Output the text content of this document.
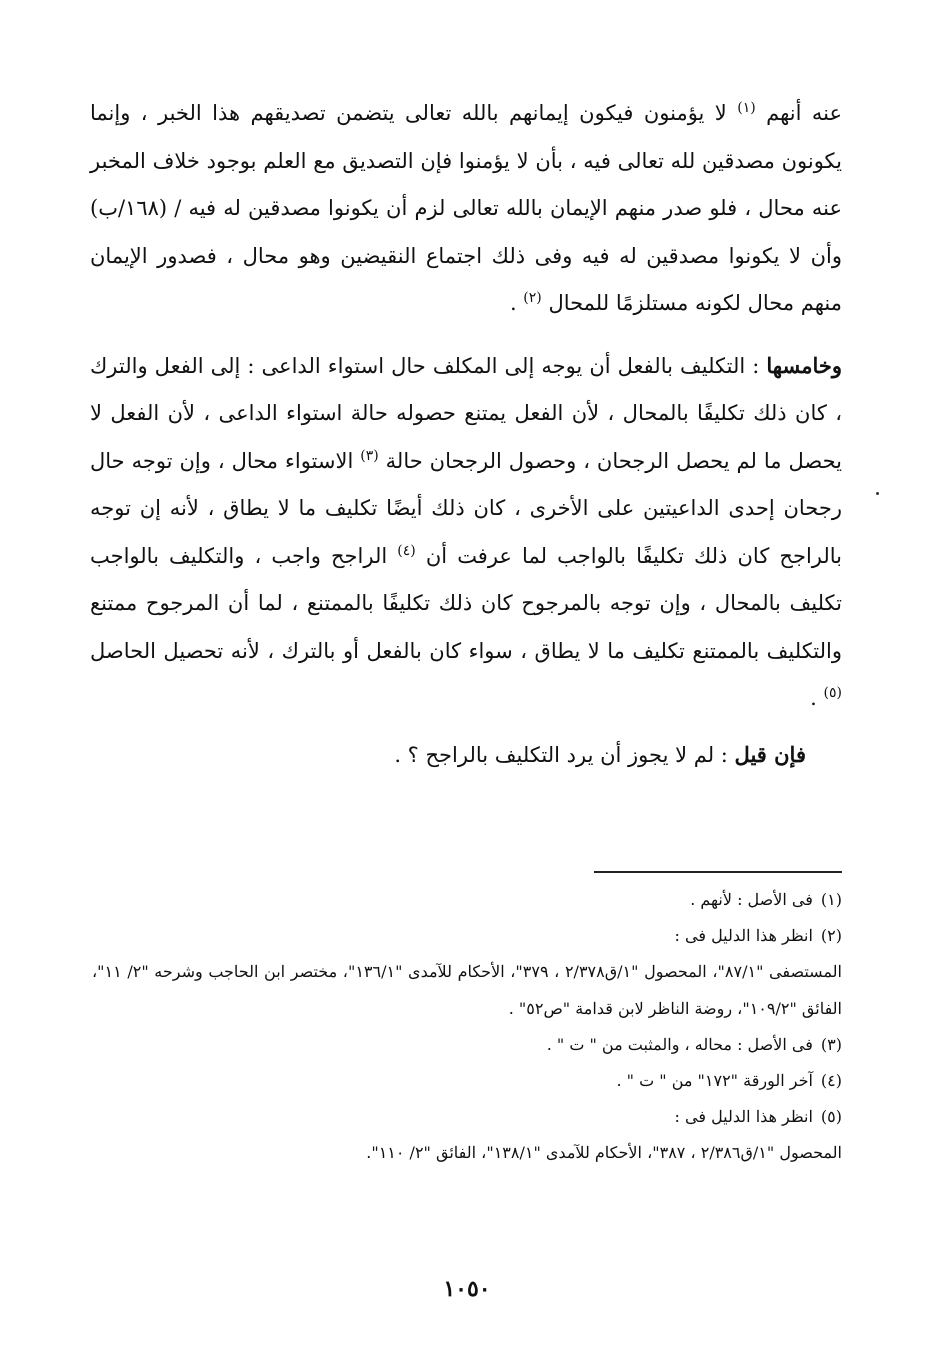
عنه أنهم $^{(١)}$ لا يؤمنون فيكون إيمانهم بالله تعالى يتضمن تصديقهم هذا الخبر ، وإنما يكونون مصدقين لله تعالى فيه ، بأن لا يؤمنوا فإن التصديق مع العلم بوجود خلاف المخبر عنه محال ، فلو صدر منهم الإيمان بالله تعالى لزم أن يكونوا مصدقين له فيه / (١٦٨/ب) وأن لا يكونوا مصدقين له فيه وفى ذلك اجتماع النقيضين وهو محال ، فصدور الإيمان منهم محال لكونه مستلزمًا للمحال $^{(٢)}$ .

وخامسها : التكليف بالفعل أن يوجه إلى المكلف حال استواء الداعى : إلى الفعل والترك ، كان ذلك تكليفًا بالمحال ، لأن الفعل يمتنع حصوله حالة استواء الداعى ، لأن الفعل لا يحصل ما لم يحصل الرجحان ، وحصول الرجحان حالة $^{(٣)}$ الاستواء محال ، وإن توجه حال رجحان إحدى الداعيتين على الأخرى ، كان ذلك أيضًا تكليف ما لا يطاق ، لأنه إن توجه بالراجح كان ذلك تكليفًا بالواجب لما عرفت أن $^{(٤)}$ الراجح واجب ، والتكليف بالواجب تكليف بالمحال ، وإن توجه بالمرجوح كان ذلك تكليفًا بالممتنع ، لما أن المرجوح ممتنع والتكليف بالممتنع تكليف ما لا يطاق ، سواء كان بالفعل أو بالترك ، لأنه تحصيل الحاصل $^{(٥)}$ .

فإن قيل : لم لا يجوز أن يرد التكليف بالراجح ؟ .

(١)فى الأصل : لأنهم .

(٢)انظر هذا الدليل فى :

المستصفى "٨٧/١"، المحصول "١/ق٢/٣٧٨ ، ٣٧٩"، الأحكام للآمدى "١٣٦/١"، مختصر ابن الحاجب وشرحه "٢/ ١١"، الفائق "١٠٩/٢"، روضة الناظر لابن قدامة "ص٥٢" .

(٣)فى الأصل : محاله ، والمثبت من " ت " .

(٤)آخر الورقة "١٧٢" من " ت " .

(٥)انظر هذا الدليل فى :

المحصول "١/ق٢/٣٨٦ ، ٣٨٧"، الأحكام للآمدى "١٣٨/١"، الفائق "٢/ ١١٠".

١٠٥٠
